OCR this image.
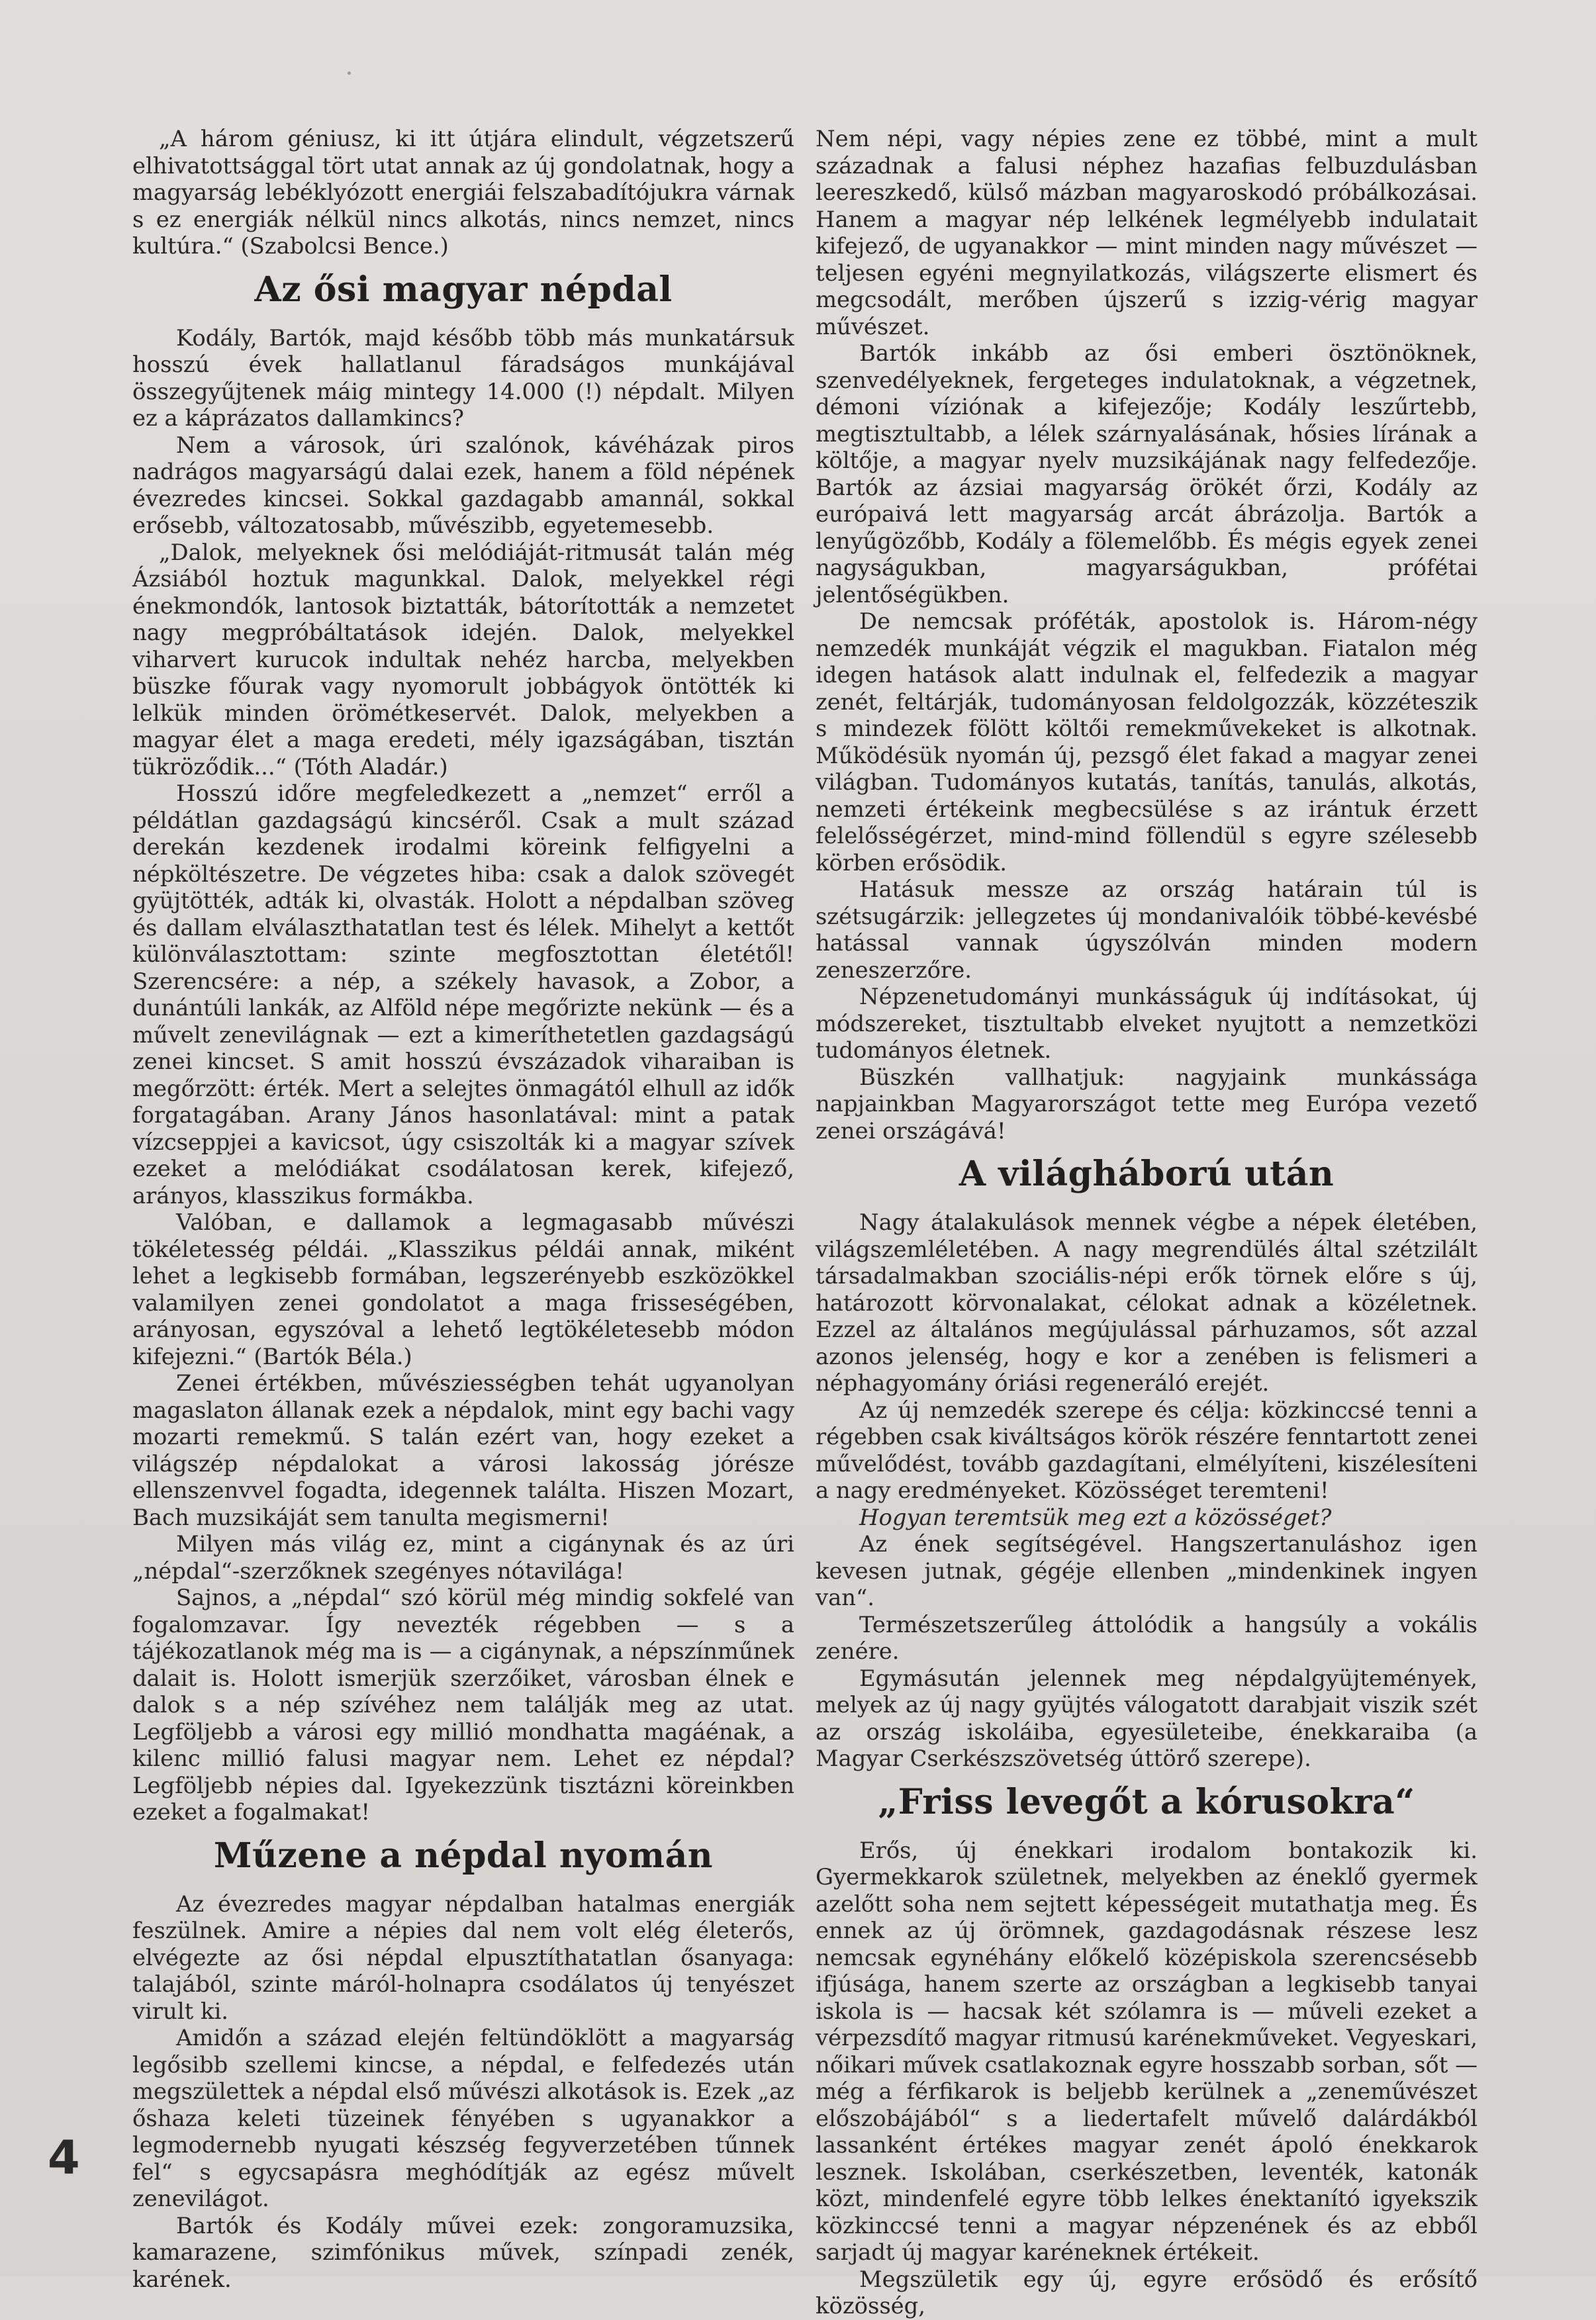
„A három géniusz, ki itt útjára elindult, végzetszerű elhivatottsággal tört utat annak az új gondolatnak, hogy a magyarság lebéklyózott energiái felszabadítójukra várnak s ez energiák nélkül nincs alkotás, nincs nemzet, nincs kultúra.“ (Szabolcsi Bence.)

Az ősi magyar népdal

Kodály, Bartók, majd később több más munkatársuk hosszú évek hallatlanul fáradságos munkájával összegyűjtenek máig mintegy 14.000 (!) népdalt. Milyen ez a káprázatos dallamkincs?

Nem a városok, úri szalónok, kávéházak piros nadrágos magyarságú dalai ezek, hanem a föld népének évezredes kincsei. Sokkal gazdagabb amannál, sokkal erősebb, változatosabb, művészibb, egyetemesebb.

„Dalok, melyeknek ősi melódiáját-ritmusát talán még Ázsiából hoztuk magunkkal. Dalok, melyekkel régi énekmondók, lantosok biztatták, bátorították a nemzetet nagy megpróbáltatások idején. Dalok, melyekkel viharvert kurucok indultak nehéz harcba, melyekben büszke főurak vagy nyomorult jobbágyok öntötték ki lelkük minden örömétkeservét. Dalok, melyekben a magyar élet a maga eredeti, mély igazságában, tisztán tükröződik...“ (Tóth Aladár.)

Hosszú időre megfeledkezett a „nemzet“ erről a példátlan gazdagságú kincséről. Csak a mult század derekán kezdenek irodalmi köreink felfigyelni a népköltészetre. De végzetes hiba: csak a dalok szövegét gyüjtötték, adták ki, olvasták. Holott a népdalban szöveg és dallam elválaszthatatlan test és lélek. Mihelyt a kettőt különválasztottam: szinte megfosztottan életétől! Szerencsére: a nép, a székely havasok, a Zobor, a dunántúli lankák, az Alföld népe megőrizte nekünk — és a művelt zenevilágnak — ezt a kimeríthetetlen gazdagságú zenei kincset. S amit hosszú évszázadok viharaiban is megőrzött: érték. Mert a selejtes önmagától elhull az idők forgatagában. Arany János hasonlatával: mint a patak vízcseppjei a kavicsot, úgy csiszolták ki a magyar szívek ezeket a melódiákat csodálatosan kerek, kifejező, arányos, klasszikus formákba.

Valóban, e dallamok a legmagasabb művészi tökéletesség példái. „Klasszikus példái annak, miként lehet a legkisebb formában, legszerényebb eszközökkel valamilyen zenei gondolatot a maga frisseségében, arányosan, egyszóval a lehető legtökéletesebb módon kifejezni.“ (Bartók Béla.)

Zenei értékben, művésziességben tehát ugyanolyan magaslaton állanak ezek a népdalok, mint egy bachi vagy mozarti remekmű. S talán ezért van, hogy ezeket a világszép népdalokat a városi lakosság jórésze ellenszenvvel fogadta, idegennek találta. Hiszen Mozart, Bach muzsikáját sem tanulta megismerni!

Milyen más világ ez, mint a cigánynak és az úri „népdal“-szerzőknek szegényes nótavilága!

Sajnos, a „népdal“ szó körül még mindig sokfelé van fogalomzavar. Így nevezték régebben — s a tájékozatlanok még ma is — a cigánynak, a népszínműnek dalait is. Holott ismerjük szerzőiket, városban élnek e dalok s a nép szívéhez nem találják meg az utat. Legföljebb a városi egy millió mondhatta magáénak, a kilenc millió falusi magyar nem. Lehet ez népdal? Legföljebb népies dal. Igyekezzünk tisztázni köreinkben ezeket a fogalmakat!

Műzene a népdal nyomán

Az évezredes magyar népdalban hatalmas energiák feszülnek. Amire a népies dal nem volt elég életerős, elvégezte az ősi népdal elpusztíthatatlan ősanyaga: talajából, szinte máról-holnapra csodálatos új tenyészet virult ki.

Amidőn a század elején feltündöklött a magyarság legősibb szellemi kincse, a népdal, e felfedezés után megszülettek a népdal első művészi alkotások is. Ezek „az őshaza keleti tüzeinek fényében s ugyanakkor a legmodernebb nyugati készség fegyverzetében tűnnek fel“ s egycsapásra meghódítják az egész művelt zenevilágot.

Bartók és Kodály művei ezek: zongoramuzsika, kamarazene, szimfónikus művek, színpadi zenék, karének.

Nem népi, vagy népies zene ez többé, mint a mult századnak a falusi néphez hazafias felbuzdulásban leereszkedő, külső mázban magyaroskodó próbálkozásai. Hanem a magyar nép lelkének legmélyebb indulatait kifejező, de ugyanakkor — mint minden nagy művészet — teljesen egyéni megnyilatkozás, világszerte elismert és megcsodált, merőben újszerű s izzig-vérig magyar művészet.

Bartók inkább az ősi emberi ösztönöknek, szenvedélyeknek, fergeteges indulatoknak, a végzetnek, démoni víziónak a kifejezője; Kodály leszűrtebb, megtisztultabb, a lélek szárnyalásának, hősies lírának a költője, a magyar nyelv muzsikájának nagy felfedezője. Bartók az ázsiai magyarság örökét őrzi, Kodály az európaivá lett magyarság arcát ábrázolja. Bartók a lenyűgözőbb, Kodály a fölemelőbb. És mégis egyek zenei nagyságukban, magyarságukban, prófétai jelentőségükben.

De nemcsak próféták, apostolok is. Három-négy nemzedék munkáját végzik el magukban. Fiatalon még idegen hatások alatt indulnak el, felfedezik a magyar zenét, feltárják, tudományosan feldolgozzák, közzéteszik s mindezek fölött költői remekművekeket is alkotnak. Működésük nyomán új, pezsgő élet fakad a magyar zenei világban. Tudományos kutatás, tanítás, tanulás, alkotás, nemzeti értékeink megbecsülése s az irántuk érzett felelősségérzet, mind-mind föllendül s egyre szélesebb körben erősödik.

Hatásuk messze az ország határain túl is szétsugárzik: jellegzetes új mondanivalóik többé-kevésbé hatással vannak úgyszólván minden modern zeneszerzőre.

Népzenetudományi munkásságuk új indításokat, új módszereket, tisztultabb elveket nyujtott a nemzetközi tudományos életnek.

Büszkén vallhatjuk: nagyjaink munkássága napjainkban Magyarországot tette meg Európa vezető zenei országává!

A világháború után

Nagy átalakulások mennek végbe a népek életében, világszemléletében. A nagy megrendülés által szétzilált társadalmakban szociális-népi erők törnek előre s új, határozott körvonalakat, célokat adnak a közéletnek. Ezzel az általános megújulással párhuzamos, sőt azzal azonos jelenség, hogy e kor a zenében is felismeri a néphagyomány óriási regeneráló erejét.

Az új nemzedék szerepe és célja: közkinccsé tenni a régebben csak kiváltságos körök részére fenntartott zenei művelődést, tovább gazdagítani, elmélyíteni, kiszélesíteni a nagy eredményeket. Közösséget teremteni!

Hogyan teremtsük meg ezt a közösséget?

Az ének segítségével. Hangszertanuláshoz igen kevesen jutnak, gégéje ellenben „mindenkinek ingyen van“.

Természetszerűleg áttolódik a hangsúly a vokális zenére.

Egymásután jelennek meg népdalgyüjtemények, melyek az új nagy gyüjtés válogatott darabjait viszik szét az ország iskoláiba, egyesületeibe, énekkaraiba (a Magyar Cserkészszövetség úttörő szerepe).

„Friss levegőt a kórusokra“

Erős, új énekkari irodalom bontakozik ki. Gyermekkarok születnek, melyekben az éneklő gyermek azelőtt soha nem sejtett képességeit mutathatja meg. És ennek az új örömnek, gazdagodásnak részese lesz nemcsak egynéhány előkelő középiskola szerencsésebb ifjúsága, hanem szerte az országban a legkisebb tanyai iskola is — hacsak két szólamra is — műveli ezeket a vérpezsdítő magyar ritmusú karénekműveket. Vegyeskari, nőikari művek csatlakoznak egyre hosszabb sorban, sőt — még a férfikarok is beljebb kerülnek a „zeneművészet előszobájából“ s a liedertafelt művelő dalárdákból lassanként értékes magyar zenét ápoló énekkarok lesznek. Iskolában, cserkészetben, leventék, katonák közt, mindenfelé egyre több lelkes énektanító igyekszik közkinccsé tenni a magyar népzenének és az ebből sarjadt új magyar karéneknek értékeit.

Megszületik egy új, egyre erősödő és erősítő közösség,

4
